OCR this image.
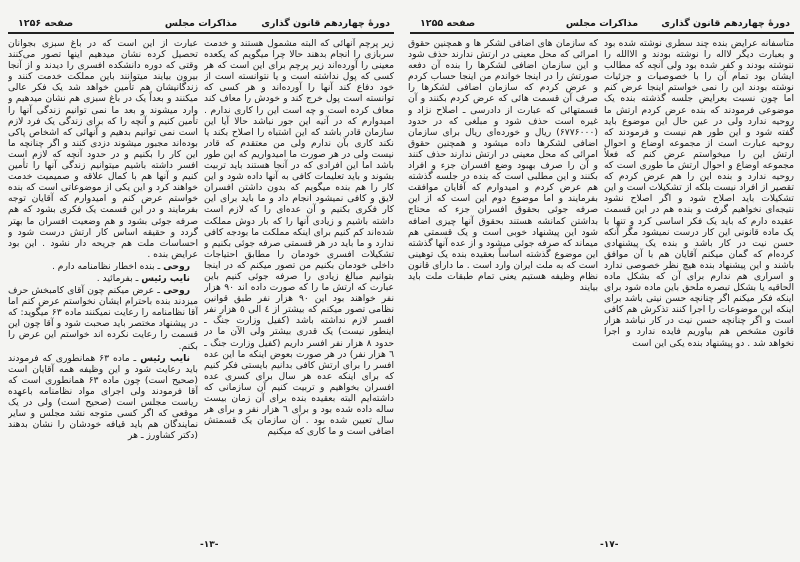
دورهٔ چهاردهم قانون گذاری
مذاکرات مجلس
صفحه ۱۲۵۶

زیر پرچم آنهائی که البته مشمول هستند و خدمت سربازی را انجام بدهند حالا چرا میگویم که یکعده معینی را آورده‌اند زیر پرچم برای این است که هر کسی که پول نداشته است و یا نتوانسته است از خود دفاع کند آنها را آورده‌اند و هر کسی که توانسته است پول خرج کند و خودش را معاف کند معاف کرده است و چه است این را کاری ندارم . امیدوارم که در آتیه این جور نباشد حالا آیا این سازمان قادر باشد که این اشتباه را اصلاح بکند یا نکند کاری بآن ندارم ولی من معتقدم که قادر نیست ولی در هر صورت ما امیدواریم که این طور باشد اما این افرادی که در آنجا هستند باید تربیت بشوند و باید تعلیمات کافی به آنها داده شود و این کار را هم بنده میگویم که بدون داشتن افسران لایق و کافی نمیشود انجام داد و ما باید برای این کار فکری بکنیم و آن عده‌ای را که لازم است داشته باشیم و زیادی آنها را که بار دوش مملکت شده‌اند کم کنیم برای اینکه مملکت ما بودجه کافی ندارد و ما باید در هر قسمتی صرفه جوئی بکنیم و تشکیلات افسری خودمان را مطابق احتیاجات داخلی خودمان بکنیم من تصور میکنم که در اینجا بتوانیم مبالغ زیادی را صرفه جوئی کنیم باین عبارت که ارتش ما را که صورت داده اند ۹۰ هزار نفر خواهند بود این ۹۰ هزار نفر طبق قوانین نظامی تصور میکنم که بیشتر از ٤ الی ٥ هزار نفر افسر لازم نداشته باشد (کفیل وزارت جنگ ـ اینطور نیست) یک قدری بیشتر ولی الآن ما در حدود ۸ هزار نفر افسر داریم (کفیل وزارت جنگ ـ ٦ هزار نفر) در هر صورت بعوض اینکه ما این عده افسر را برای ارتش کافی بدانیم بایستی فکر کنیم که برای اینکه عده هر سال برای کسری عده افسران بخواهیم و تربیت کنیم آن سازمانی که داشته‌ایم البته بعقیده بنده برای آن زمان بیست ساله داده شده بود و برای ٦ هزار نفر و برای هر سال تعیین شده بود . آن سازمان یک قسمتش اضافی است و ما کاری که میکنیم

عبارت از این است که در باغ سبزی بجوانان تحصیل کرده نشان میدهیم اینها تصور می‌کنند وقتی که دوره دانشکده افسری را دیدند و از آنجا بیرون بیایند میتوانند باین مملکت خدمت کنند و زندگانیشان هم تأمین خواهد شد یک فکر عالی میکنند و بعداً یک در باغ سبزی هم نشان میدهیم و وارد میشوند و بعد ما نمی توانیم زندگی آنها را تأمین کنیم و آنچه را که برای زندگی یک فرد لازم است نمی توانیم بدهیم و آنهائی که اشخاص پاکی بوده‌اند مجبور میشوند دزدی کنند و اگر چنانچه ما این کار را بکنیم و در حدود آنچه که لازم است افسر داشته باشیم میتوانیم زندگی آنها را تأمین کنیم و آنها هم با کمال علاقه و صمیمیت خدمت خواهند کرد و این یکی از موضوعاتی است که بنده خواستم عرض کنم و امیدوارم که آقایان توجه بفرمایند و در این قسمت یک فکری بشود که هم صرفه جوئی بشود و هم وضعیت افسران ما بهتر گردد و حقیقه اساس کار ارتش درست شود و احساسات ملت هم جریحه دار نشود . این بود عرایض بنده .

روحی ـ بنده اخطار نظامنامه دارم .

نایب رئیس ـ بفرمائید .

روحی ـ عرض میکنم چون آقای کامبخش حرف میزدند بنده باحترام ایشان نخواستم عرض کنم اما آقا نظامنامه را رعایت نمیکنند ماده ۶۳ میگوید: که در پیشنهاد مختصر باید صحبت شود و آقا چون این قسمت را رعایت نکرده اند خواستم این عرض را بکنم.

نایب رئیس ـ ماده ۶۳ همانطوری که فرمودند باید رعایت شود و این وظیفه همه آقایان است (صحیح است) چون ماده ۶۳ همانطوری است که آقا فرمودند ولی اجرای مواد نظامنامه باعهده ریاست مجلس است (صحیح است) ولی در یک موقعی که اگر کسی متوجه نشد مجلس و سایر نمایندگان هم باید قیافه خودشان را نشان بدهند (دکتر کشاورز ـ هر

-۱۳-
دورهٔ چهاردهم قانون گذاری
مذاکرات مجلس
صفحه ۱۲۵۵

متأسفانه عرایض بنده چند سطری نوشته شده بود و بعبارت دیگر لااله را نوشته بودند و الاالله را ننوشته بودند و کفر شده بود ولی آنچه که مطالب ایشان بود تمام آن را با خصوصیات و جزئیات نوشته بودند این را نمی خواستم اینجا عرض کنم اما چون نسبت بعرایض جلسه گذشته بنده یک موضوعی فرمودند که بنده عرض کردم ارتش ما روحیه ندارد ولی در عین حال این موضوع باید گفته شود و این طور هم نیست و فرمودند که روحیه عبارت است از مجموعه اوضاع و احوال ارتش این را میخواستم عرض کنم که فعلاً مجموعه اوضاع و احوال ارتش ما طوری است که روحیه ندارد و بنده این را هم عرض کردم که تقصیر از افراد نیست بلکه از تشکیلات است و این تشکیلات باید اصلاح شود و اگر اصلاح نشود نتیجه‌ای نخواهیم گرفت و بنده هم در این قسمت عقیده دارم که باید یک فکر اساسی کرد و تنها با یک ماده قانونی این کار درست نمیشود مگر آنکه حسن نیت در کار باشد و بنده یک پیشنهادی کرده‌ام که گمان میکنم آقایان هم با آن موافق باشند و این پیشنهاد بنده هیچ نظر خصوصی ندارد و اسراری هم ندارم برای آن که بشکل ماده الحاقیه یا بشکل تبصره ملحق باین ماده شود برای اینکه فکر میکنم اگر چنانچه حسن نیتی باشد برای اینکه این موضوعات را اجرا کنند تذکرش هم کافی است و اگر چنانچه حسن نیت در کار نباشد هزار قانون مشخص هم بیاوریم فایده ندارد و اجرا نخواهد شد . دو پیشنهاد بنده یکی این است

که سازمان های اضافی لشکر ها و همچنین حقوق امرائی که محل معینی در ارتش ندارند حذف شود و این سازمان اضافی لشکرها را بنده آن دفعه صورتش را در اینجا خواندم من اینجا حساب کردم و عرض کردم که سازمان اضافی لشکرها را صرف آن قسمت هائی که عرض کردم بکنند و آن قسمتهائی که عبارت از دادرسی ـ اصلاح نژاد و غیره است حذف شود و مبلغی که در حدود (۶۷۷۶۰۰۰) ریال و خورده‌ای ریال برای سازمان اضافی لشکرها داده میشود و همچنین حقوق امرائی که محل معینی در ارتش ندارند حذف کنند و آن را صرف بهبود وضع افسران جزء و افراد بکنند و این مطلبی است که بنده در جلسه گذشته هم عرض کردم و امیدوارم که آقایان موافقت بفرمایند و اما موضوع دوم این است که از این صرفه جوئی بحقوق افسران جزء که محتاج بداشتن کمانشه هستند بحقوق آنها چیزی اضافه شود این پیشنهاد خوبی است و یک قسمتی هم میماند که صرفه جوئی میشود و از عده آنها گذشته این موضوع گذشته اساساً بعقیده بنده یک توهینی است که به ملت ایران وارد است . ما دارای قانون نظام وظیفه هستیم یعنی تمام طبقات ملت باید بیایند

-۱۷-
